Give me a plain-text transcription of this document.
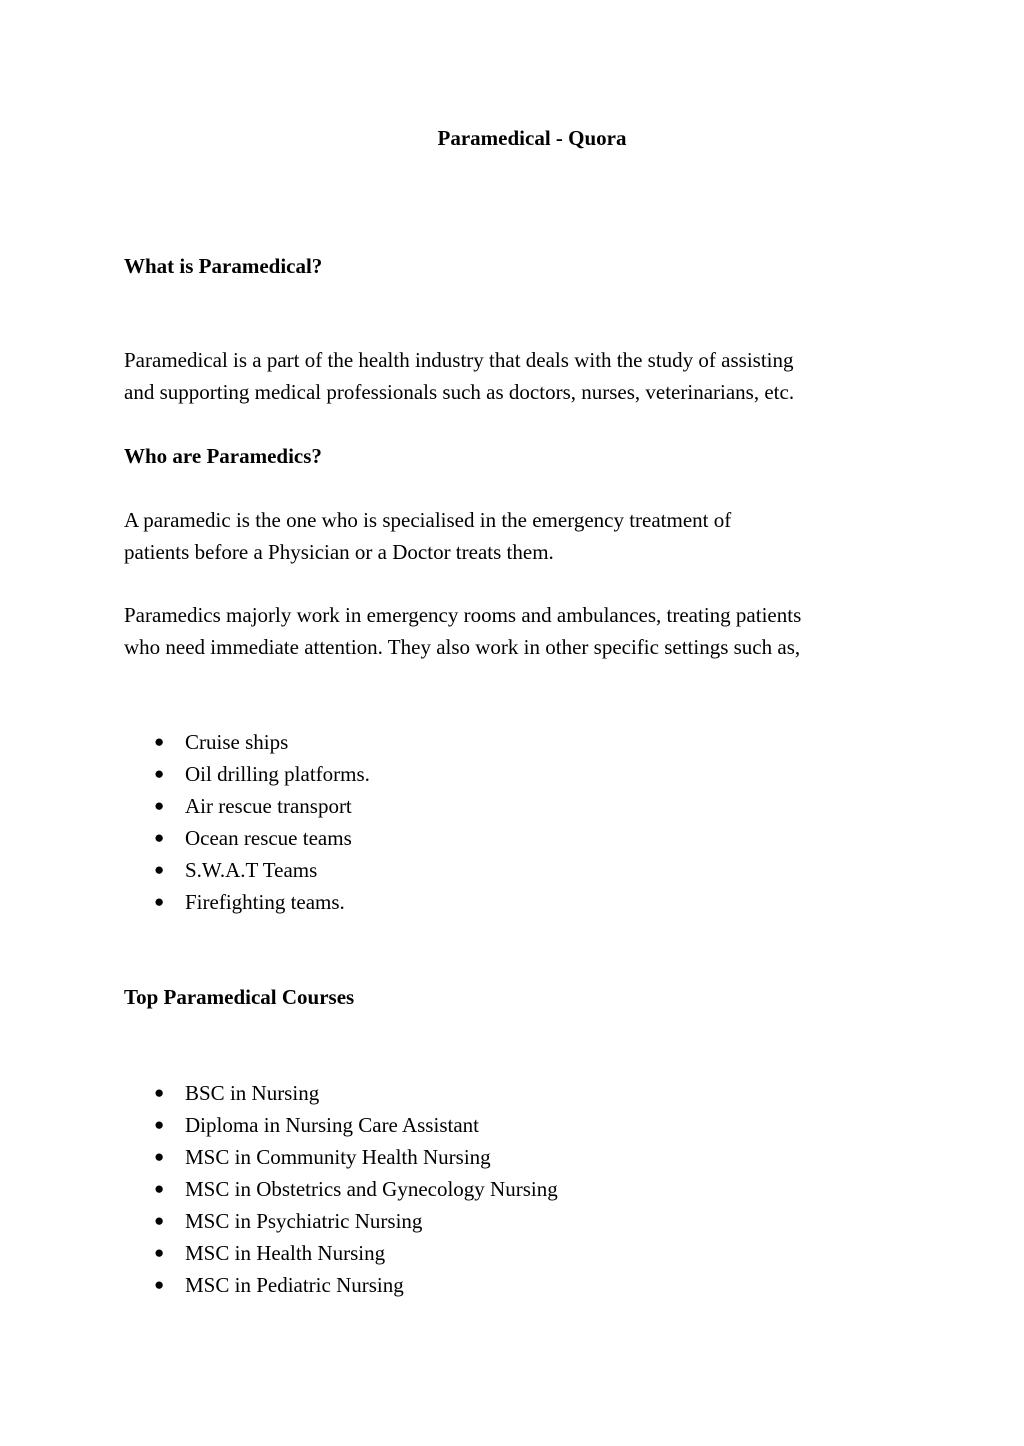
Paramedical - Quora
What is Paramedical?

Paramedical is a part of the health industry that deals with the study of assisting
and supporting medical professionals such as doctors, nurses, veterinarians, etc.

Who are Paramedics?

A paramedic is the one who is specialised in the emergency treatment of
patients before a Physician or a Doctor treats them.

Paramedics majorly work in emergency rooms and ambulances, treating patients
who need immediate attention. They also work in other specific settings such as,

● Cruise ships
● Oil drilling platforms.
● Air rescue transport
● Ocean rescue teams
● S.W.A.T Teams
● Firefighting teams.
Top Paramedical Courses
● BSC in Nursing
● Diploma in Nursing Care Assistant
● MSC in Community Health Nursing
● MSC in Obstetrics and Gynecology Nursing
● MSC in Psychiatric Nursing
● MSC in Health Nursing
● MSC in Pediatric Nursing
